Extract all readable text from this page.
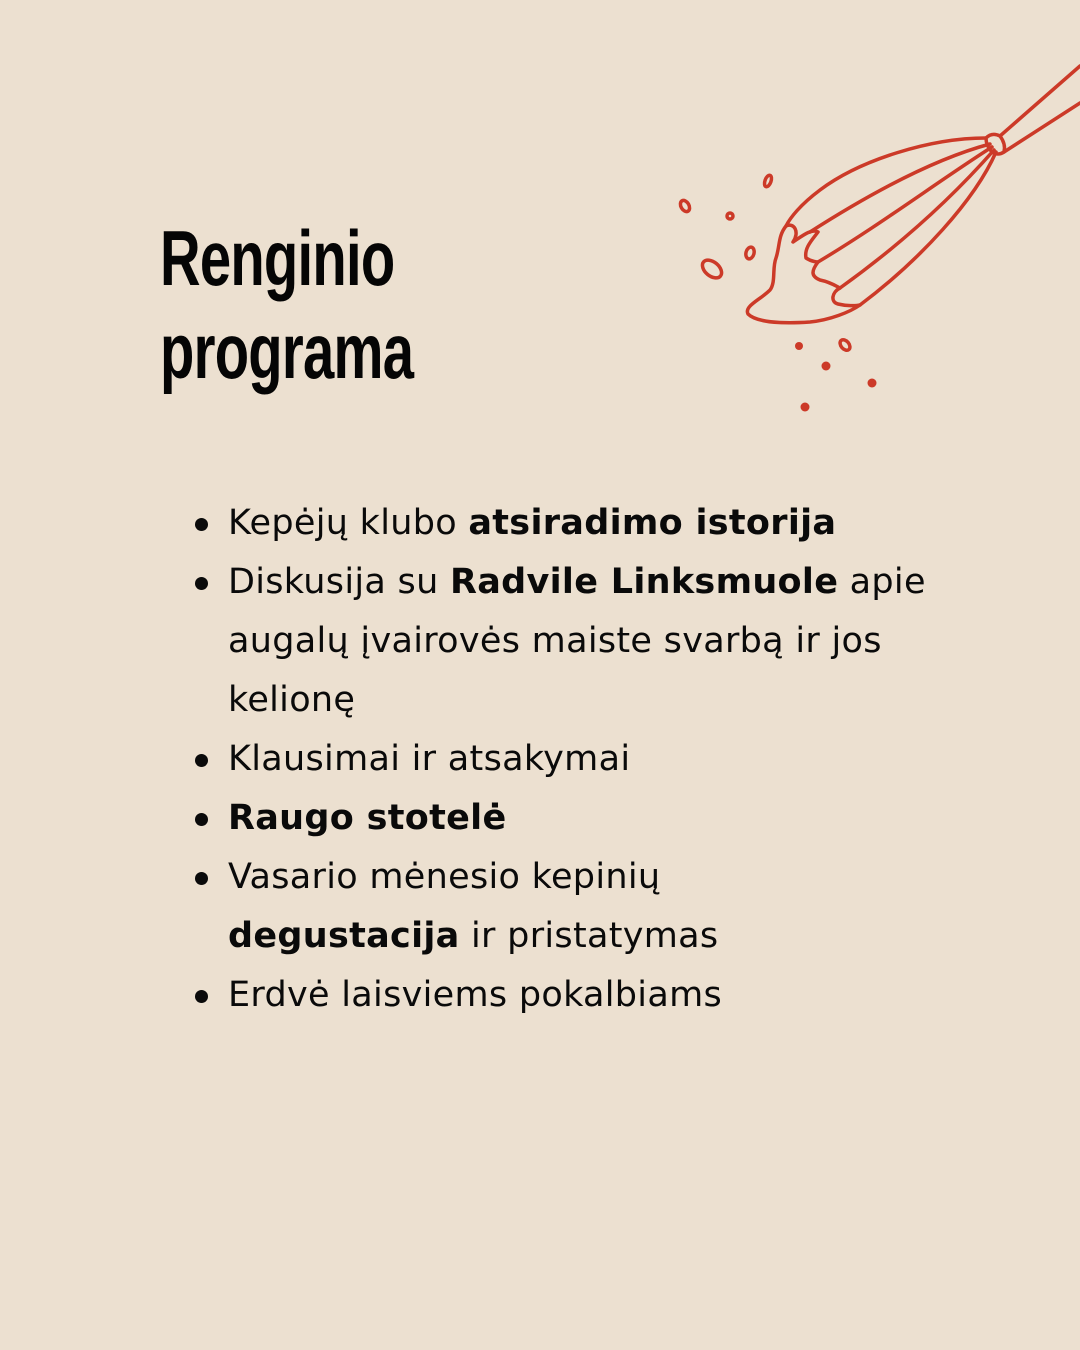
Renginio
programa
Kepėjų klubo atsiradimo istorija
Diskusija su Radvile Linksmuole apie augalų įvairovės maiste svarbą ir jos kelionę
Klausimai ir atsakymai
Raugo stotelė
Vasario mėnesio kepinių
degustacija ir pristatymas
Erdvė laisviems pokalbiams
